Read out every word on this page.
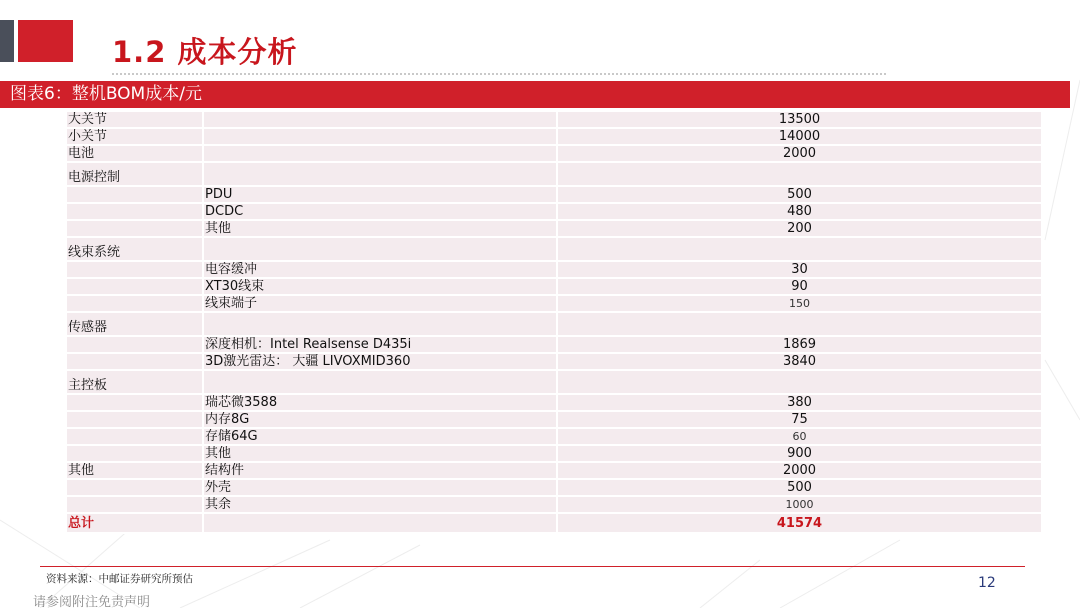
1.2 成本分析
图表6：整机BOM成本/元
大关节		13500
小关节		14000
电池		2000
电源控制		
	PDU	500
	DCDC	480
	其他	200
线束系统		
	电容缓冲	30
	XT30线束	90
	线束端子	150
传感器		
	深度相机：Intel Realsense D435i	1869
	3D激光雷达： 大疆 LIVOXMID360	3840
主控板		
	瑞芯微3588	380
	内存8G	75
	存储64G	60
	其他	900
其他	结构件	2000
	外壳	500
	其余	1000
总计		41574
资料来源：中邮证券研究所预估	12
请参阅附注免责声明
